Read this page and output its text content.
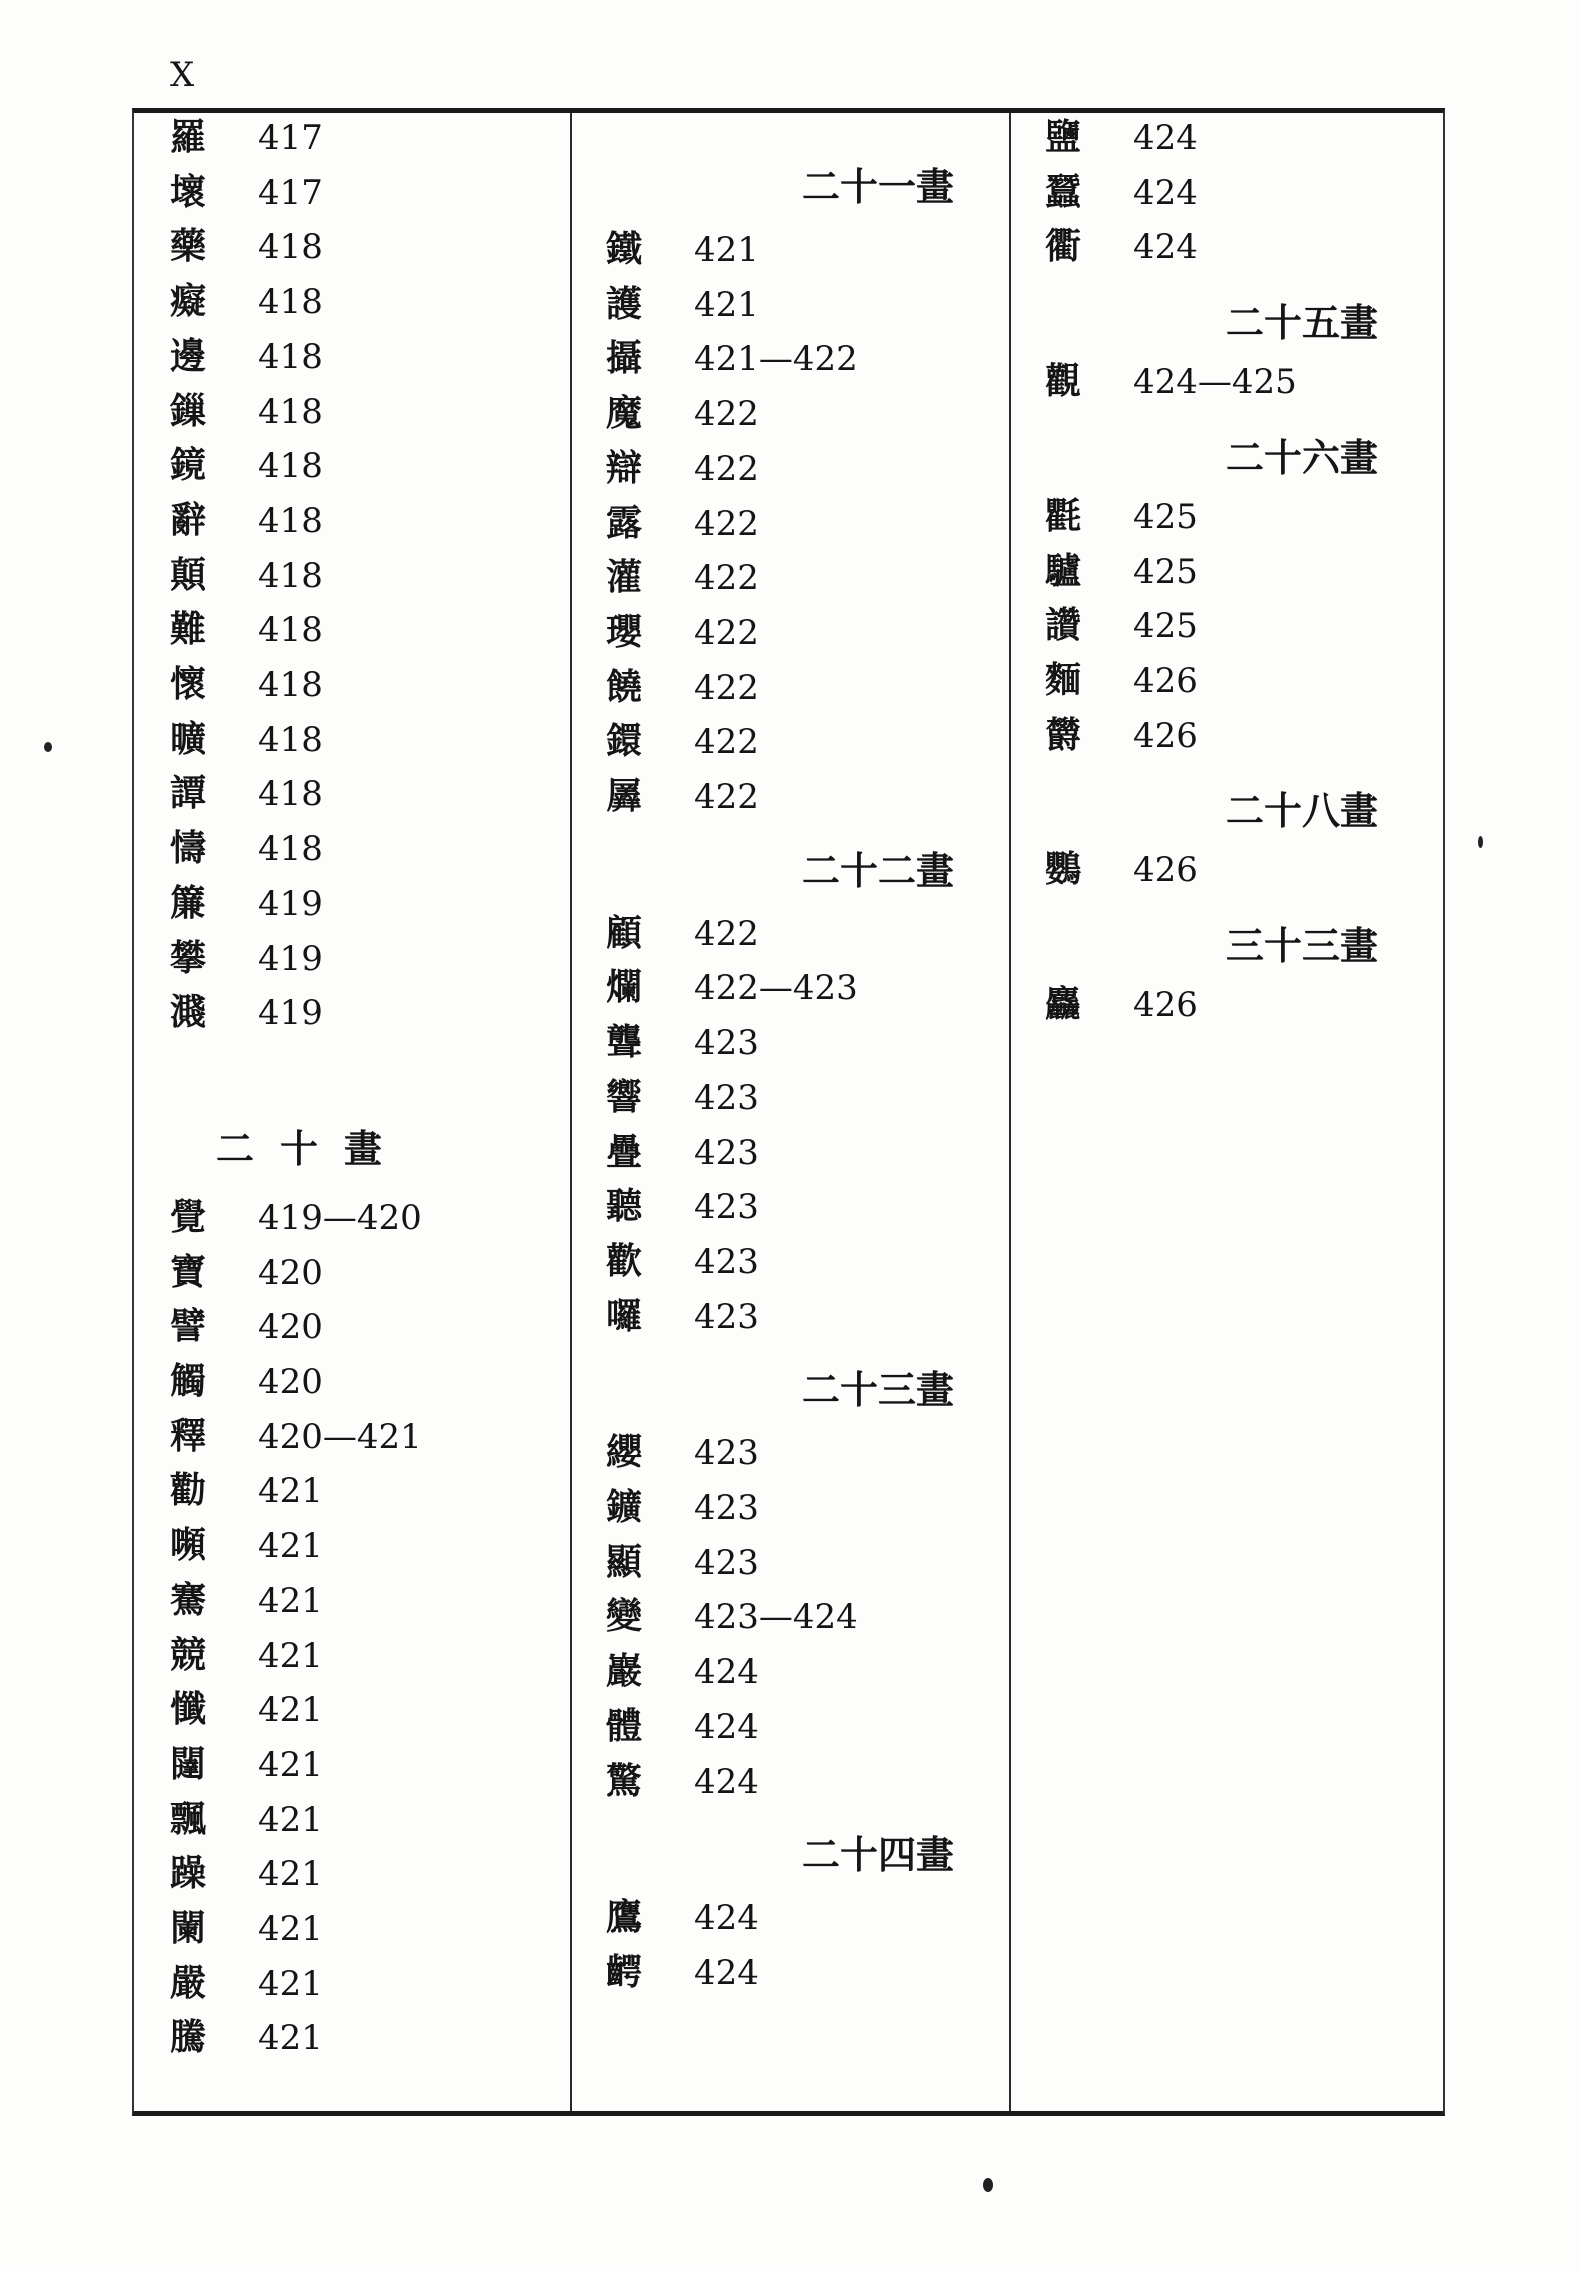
X
羅 417
壞 417
藥 418
癡 418
邊 418
鏁 418
鏡 418
辭 418
顛 418
難 418
懷 418
曠 418
譚 418
懤 418
簾 419
攀 419
濺 419
二十畫
覺 419—420
寶 420
譬 420
觸 420
釋 420—421
勸 421
嚬 421
騫 421
競 421
懺 421
闥 421
飄 421
躁 421
闌 421
嚴 421
騰 421
二十一畫
鐵 421
護 421
攝 421—422
魔 422
辯 422
露 422
灌 422
瓔 422
饒 422
鐶 422
羼 422
二十二畫
顧 422
爛 422—423
聾 423
響 423
疊 423
聽 423
歡 423
囉 423
二十三畫
纓 423
鑛 423
顯 423
變 423—424
巖 424
體 424
驚 424
二十四畫
鷹 424
齶 424
鹽 424
蠶 424
衢 424
二十五畫
觀 424—425
二十六畫
氍 425
驢 425
讚 425
麵 426
欝 426
二十八畫
鸚 426
三十三畫
麤 426
